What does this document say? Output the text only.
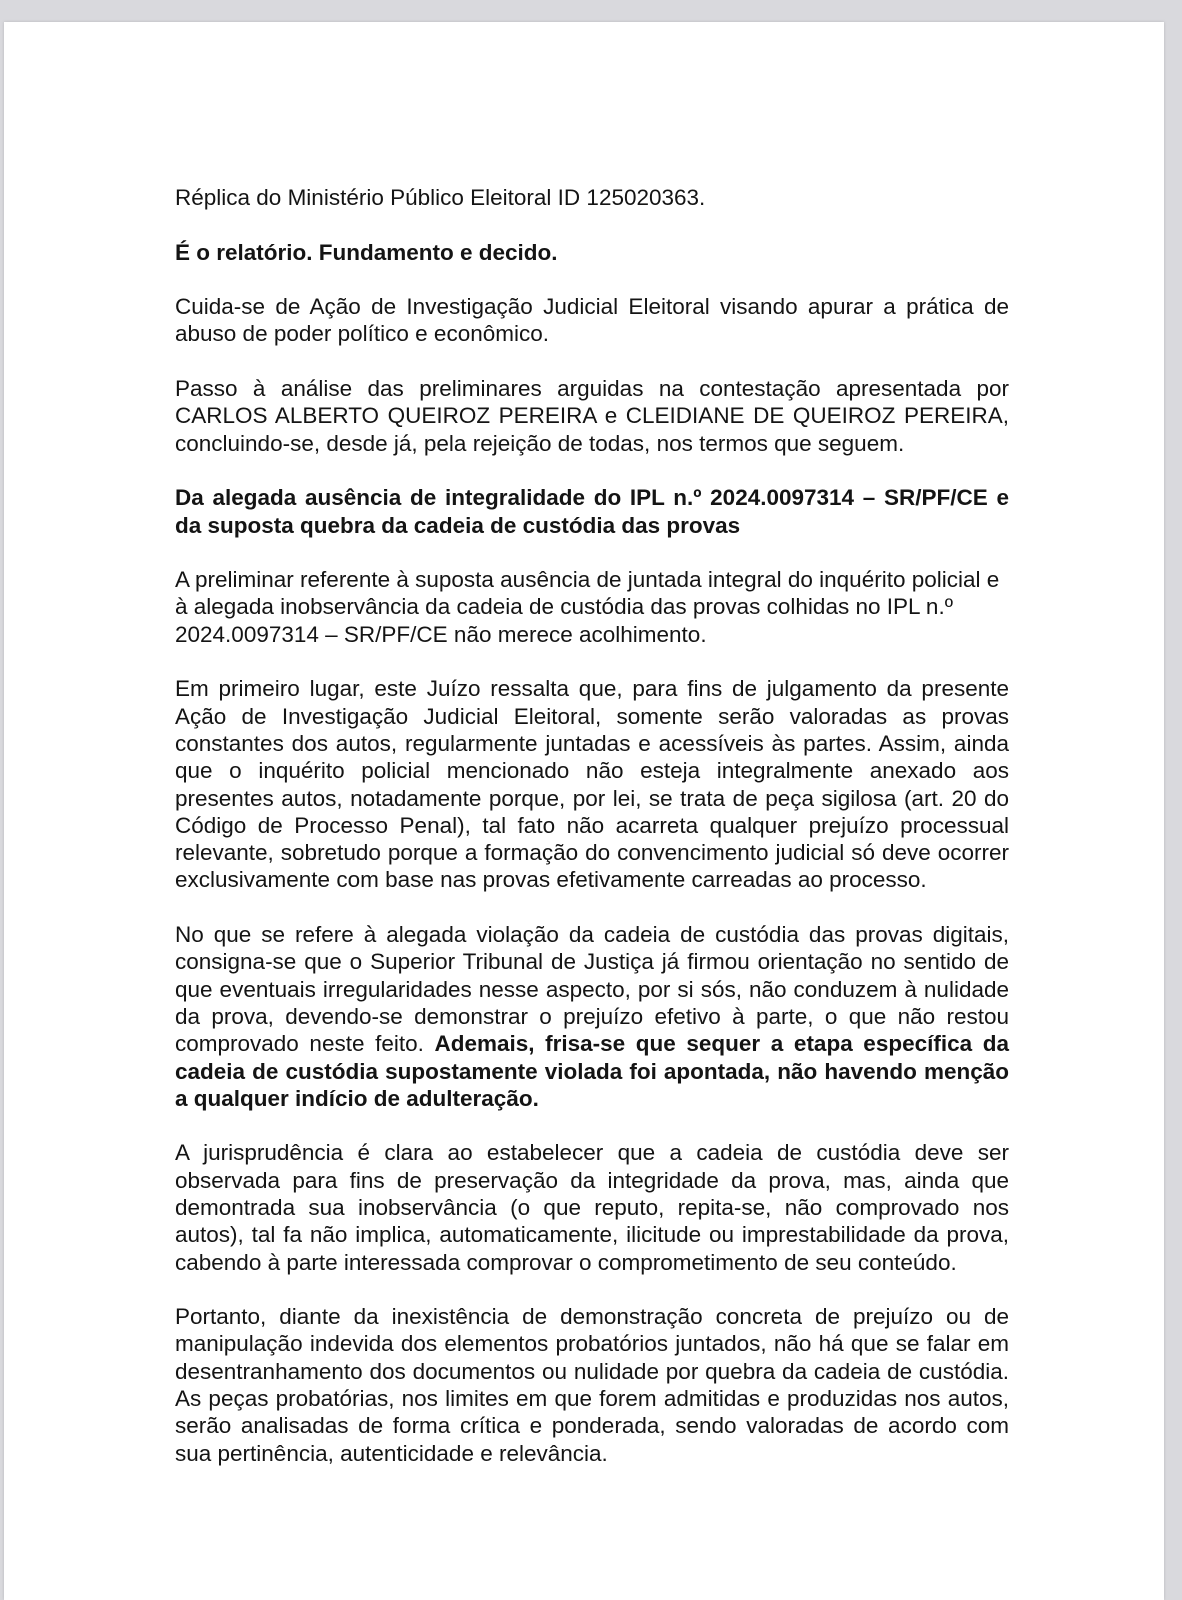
Réplica do Ministério Público Eleitoral ID 125020363.

É o relatório. Fundamento e decido.

Cuida-se de Ação de Investigação Judicial Eleitoral visando apurar a prática de abuso de poder político e econômico.

Passo à análise das preliminares arguidas na contestação apresentada por CARLOS ALBERTO QUEIROZ PEREIRA e CLEIDIANE DE QUEIROZ PEREIRA, concluindo-se, desde já, pela rejeição de todas, nos termos que seguem.

Da alegada ausência de integralidade do IPL n.º 2024.0097314 – SR/PF/CE e da suposta quebra da cadeia de custódia das provas

A preliminar referente à suposta ausência de juntada integral do inquérito policial e à alegada inobservância da cadeia de custódia das provas colhidas no IPL n.º 2024.0097314 – SR/PF/CE não merece acolhimento.

Em primeiro lugar, este Juízo ressalta que, para fins de julgamento da presente Ação de Investigação Judicial Eleitoral, somente serão valoradas as provas constantes dos autos, regularmente juntadas e acessíveis às partes. Assim, ainda que o inquérito policial mencionado não esteja integralmente anexado aos presentes autos, notadamente porque, por lei, se trata de peça sigilosa (art. 20 do Código de Processo Penal), tal fato não acarreta qualquer prejuízo processual relevante, sobretudo porque a formação do convencimento judicial só deve ocorrer exclusivamente com base nas provas efetivamente carreadas ao processo.

No que se refere à alegada violação da cadeia de custódia das provas digitais, consigna-se que o Superior Tribunal de Justiça já firmou orientação no sentido de que eventuais irregularidades nesse aspecto, por si sós, não conduzem à nulidade da prova, devendo-se demonstrar o prejuízo efetivo à parte, o que não restou comprovado neste feito. Ademais, frisa-se que sequer a etapa específica da cadeia de custódia supostamente violada foi apontada, não havendo menção a qualquer indício de adulteração.

A jurisprudência é clara ao estabelecer que a cadeia de custódia deve ser observada para fins de preservação da integridade da prova, mas, ainda que demontrada sua inobservância (o que reputo, repita-se, não comprovado nos autos), tal fa não implica, automaticamente, ilicitude ou imprestabilidade da prova, cabendo à parte interessada comprovar o comprometimento de seu conteúdo.

Portanto, diante da inexistência de demonstração concreta de prejuízo ou de manipulação indevida dos elementos probatórios juntados, não há que se falar em desentranhamento dos documentos ou nulidade por quebra da cadeia de custódia. As peças probatórias, nos limites em que forem admitidas e produzidas nos autos, serão analisadas de forma crítica e ponderada, sendo valoradas de acordo com sua pertinência, autenticidade e relevância.
